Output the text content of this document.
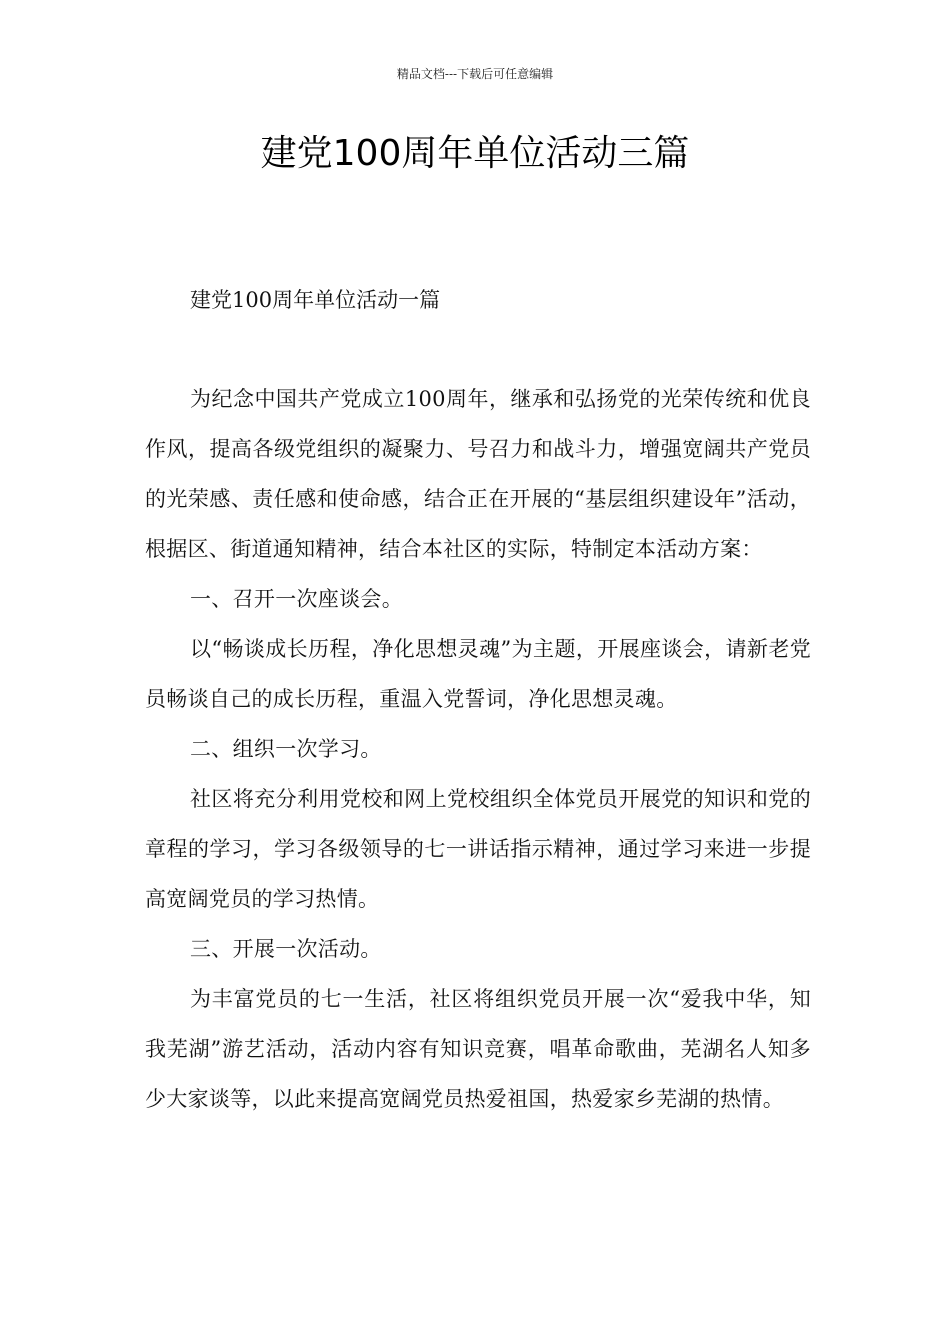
精品文档---下载后可任意编辑
建党100周年单位活动三篇
建党100周年单位活动一篇

为纪念中国共产党成立100周年，继承和弘扬党的光荣传统和优良作风，提高各级党组织的凝聚力、号召力和战斗力，增强宽阔共产党员的光荣感、责任感和使命感，结合正在开展的“基层组织建设年”活动，根据区、街道通知精神，结合本社区的实际，特制定本活动方案：

一、召开一次座谈会。

以“畅谈成长历程，净化思想灵魂”为主题，开展座谈会，请新老党员畅谈自己的成长历程，重温入党誓词，净化思想灵魂。

二、组织一次学习。

社区将充分利用党校和网上党校组织全体党员开展党的知识和党的章程的学习，学习各级领导的七一讲话指示精神，通过学习来进一步提高宽阔党员的学习热情。

三、开展一次活动。

为丰富党员的七一生活，社区将组织党员开展一次“爱我中华，知我芜湖”游艺活动，活动内容有知识竞赛，唱革命歌曲，芜湖名人知多少大家谈等，以此来提高宽阔党员热爱祖国，热爱家乡芜湖的热情。
